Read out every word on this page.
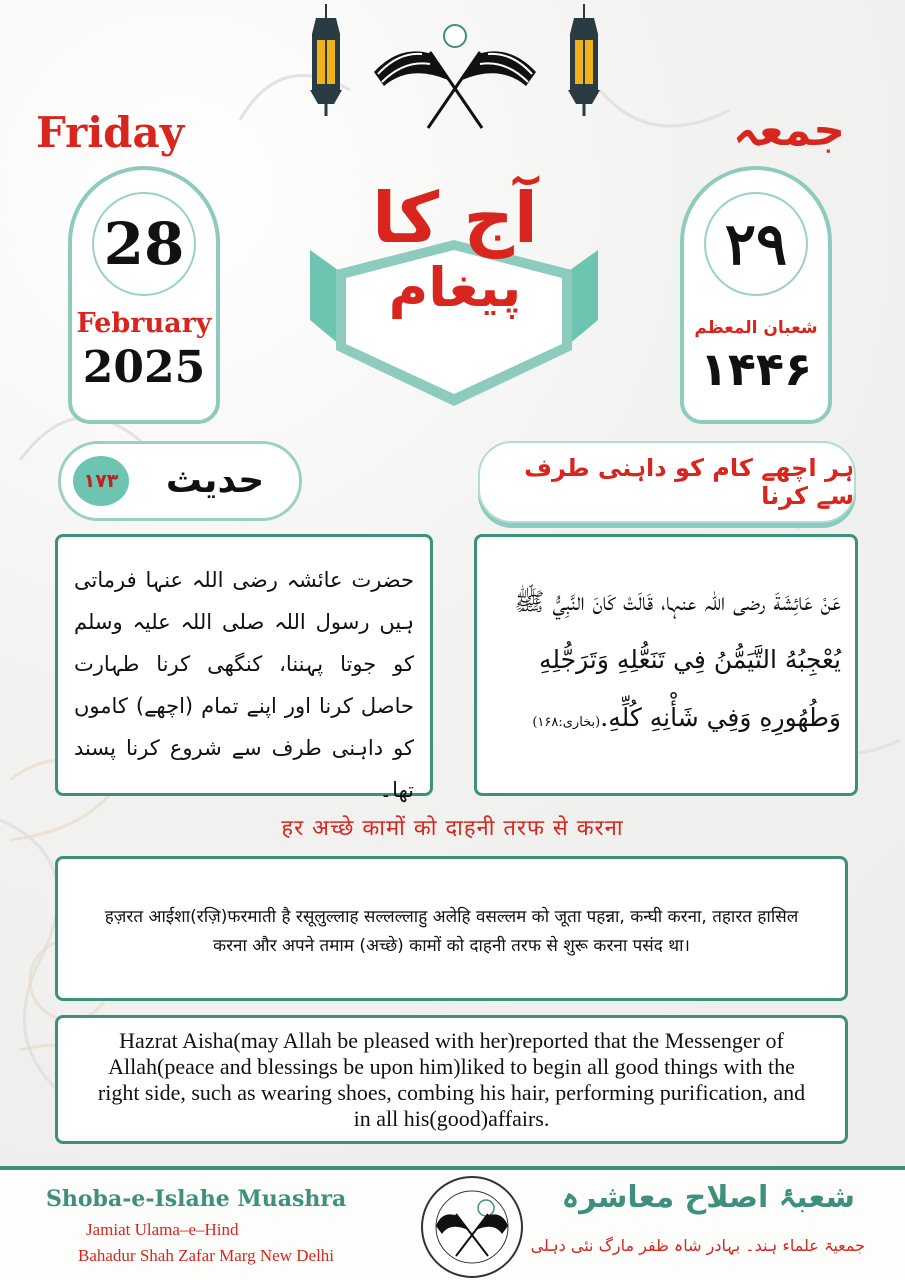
Friday	جمعہ
28
February
2025
۲۹
شعبان المعظم
۱۴۴۶
آج کا
پیغام
۱۷۳	حدیث	ہر اچھے کام کو داہنی طرف سے کرنا
حضرت عائشہ رضی اللہ عنہا فرماتی ہیں رسول اللہ صلی اللہ علیہ وسلم کو جوتا پہننا، کنگھی کرنا طہارت حاصل کرنا اور اپنے تمام (اچھے) کاموں کو داہنی طرف سے شروع کرنا پسند تھا۔
عَنْ عَائِشَةَ رضی اللہ عنہا، قَالَتْ كَانَ النَّبِيُّ ﷺ
يُعْجِبُهُ التَّيَمُّنُ فِي تَنَعُّلِهِ وَتَرَجُّلِهِ
وَطُهُورِهِ وَفِي شَأْنِهِ كُلِّهِ.(بخاری:۱۶۸)
हर अच्छे कामों को दाहनी तरफ से करना
हज़रत आईशा(रज़ि)फरमाती है रसूलुल्लाह सल्लल्लाहु अलेहि वसल्लम को जूता पहन्ना, कन्घी करना, तहारत हासिल करना और अपने तमाम (अच्छे) कामों को दाहनी तरफ से शुरू करना पसंद था।
Hazrat Aisha(may Allah be pleased with her)reported that the Messenger of Allah(peace and blessings be upon him)liked to begin all good things with the right side, such as wearing shoes, combing his hair, performing purification, and in all his(good)affairs.
Shoba-e-Islahe Muashra
Jamiat Ulama–e–Hind
Bahadur Shah Zafar Marg New Delhi
شعبۂ اصلاح معاشرہ
جمعیۃ علماء ہند۔ بہادر شاہ ظفر مارگ نئی دہلی
